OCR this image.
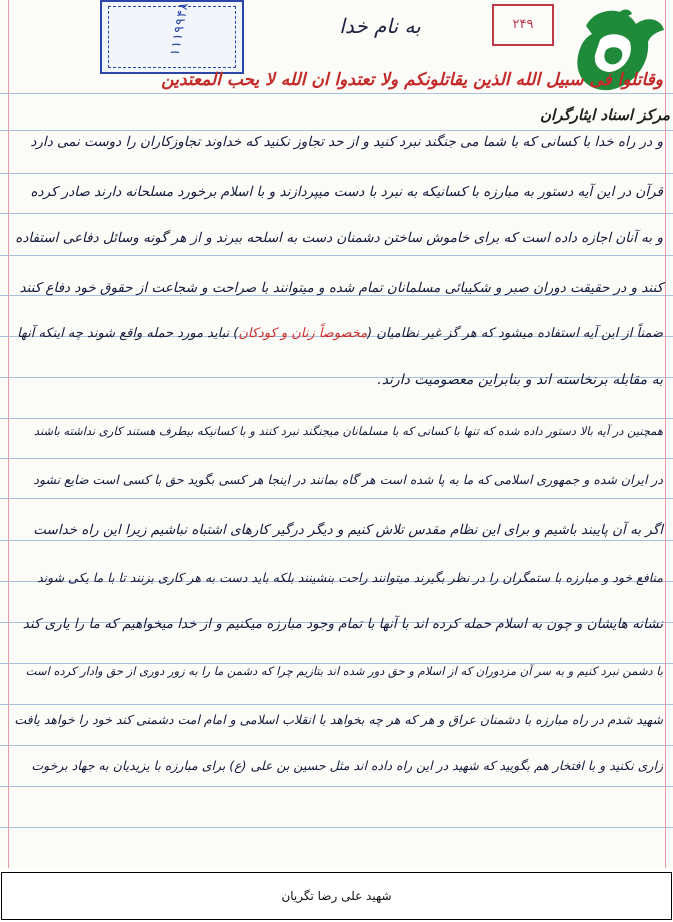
۱۱۱۹۹۴۸	۲۴۹
مرکز اسناد ایثارگران
به نام خدا
وقاتلوا فی سبیل الله الذین یقاتلونکم ولا تعتدوا ان الله لا یحب المعتدین
و در راه خدا با کسانی که با شما می جنگند نبرد کنید و از حد تجاوز نکنید که خداوند تجاوزکاران را دوست نمی دارد
قرآن در این آیه دستور به مبارزه با کسانیکه به نبرد با دست میپردازند و با اسلام برخورد مسلحانه دارند صادر کرده
و به آنان اجازه داده است که برای خاموش ساختن دشمنان دست به اسلحه ببرند و از هر گونه وسائل دفاعی استفاده
کنند و در حقیقت دوران صبر و شکیبائی مسلمانان تمام شده و میتوانند با صراحت و شجاعت از حقوق خود دفاع کنند
ضمناً از این آیه استفاده میشود که هر گز غیر نظامیان (مخصوصاً زنان و کودکان) نباید مورد حمله واقع شوند چه اینکه آنها
به مقابله برنخاسته اند و بنابراین معصومیت دارند.
همچنین در آیه بالا دستور داده شده که تنها با کسانی که با مسلمانان میجنگند نبرد کنند و با کسانیکه بیطرف هستند کاری نداشته باشند
در ایران شده و جمهوری اسلامی که ما به پا شده است هر گاه بمانند در اینجا هر کسی بگوید حق با کسی است ضایع نشود
اگر به آن پایبند باشیم و برای این نظام مقدس تلاش کنیم و دیگر درگیر کارهای اشتباه نباشیم زیرا این راه خداست
منافع خود و مبارزه با ستمگران را در نظر بگیرند میتوانند راحت بنشینند بلکه باید دست به هر کاری بزنند تا با ما یکی شوند
نشانه هایشان و چون به اسلام حمله کرده اند با آنها با تمام وجود مبارزه میکنیم و از خدا میخواهیم که ما را یاری کند
با دشمن نبرد کنیم و به سر آن مزدوران که از اسلام و حق دور شده اند بتازیم چرا که دشمن ما را به زور دوری از حق وادار کرده است
شهید شدم در راه مبارزه با دشمنان عراق و هر که هر چه بخواهد با انقلاب اسلامی و امام امت دشمنی کند خود را خواهد یافت
زاری نکنید و با افتخار هم بگویید که شهید در این راه داده اند مثل حسین بن علی (ع) برای مبارزه با یزیدیان به جهاد برخوت
شهید علی رضا تگریان
